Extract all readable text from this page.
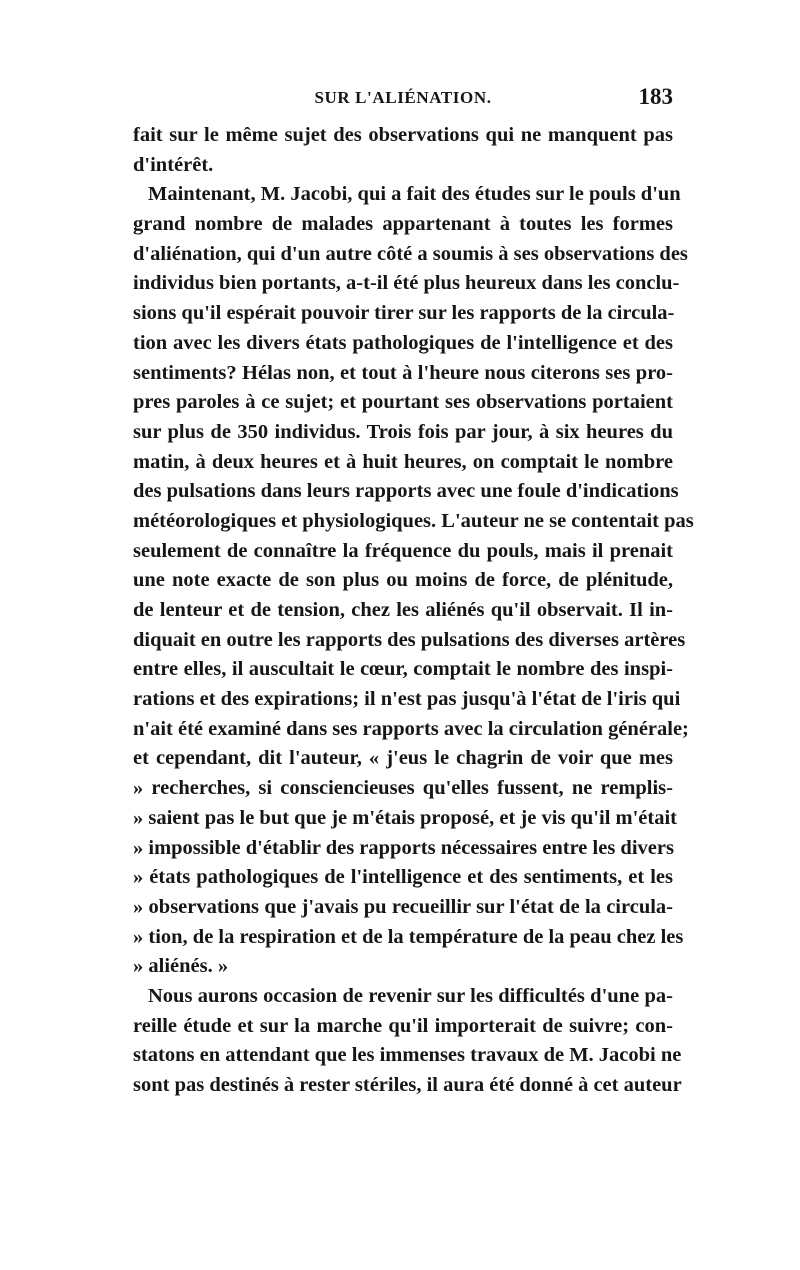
SUR L'ALIÉNATION.	183
fait sur le même sujet des observations qui ne manquent pas
d'intérêt.
Maintenant, M. Jacobi, qui a fait des études sur le pouls d'un
grand nombre de malades appartenant à toutes les formes
d'aliénation, qui d'un autre côté a soumis à ses observations des
individus bien portants, a-t-il été plus heureux dans les conclu-
sions qu'il espérait pouvoir tirer sur les rapports de la circula-
tion avec les divers états pathologiques de l'intelligence et des
sentiments? Hélas non, et tout à l'heure nous citerons ses pro-
pres paroles à ce sujet; et pourtant ses observations portaient
sur plus de 350 individus. Trois fois par jour, à six heures du
matin, à deux heures et à huit heures, on comptait le nombre
des pulsations dans leurs rapports avec une foule d'indications
météorologiques et physiologiques. L'auteur ne se contentait pas
seulement de connaître la fréquence du pouls, mais il prenait
une note exacte de son plus ou moins de force, de plénitude,
de lenteur et de tension, chez les aliénés qu'il observait. Il in-
diquait en outre les rapports des pulsations des diverses artères
entre elles, il auscultait le cœur, comptait le nombre des inspi-
rations et des expirations; il n'est pas jusqu'à l'état de l'iris qui
n'ait été examiné dans ses rapports avec la circulation générale;
et cependant, dit l'auteur, « j'eus le chagrin de voir que mes
» recherches, si consciencieuses qu'elles fussent, ne remplis-
» saient pas le but que je m'étais proposé, et je vis qu'il m'était
» impossible d'établir des rapports nécessaires entre les divers
» états pathologiques de l'intelligence et des sentiments, et les
» observations que j'avais pu recueillir sur l'état de la circula-
» tion, de la respiration et de la température de la peau chez les
» aliénés. »
Nous aurons occasion de revenir sur les difficultés d'une pa-
reille étude et sur la marche qu'il importerait de suivre; con-
statons en attendant que les immenses travaux de M. Jacobi ne
sont pas destinés à rester stériles, il aura été donné à cet auteur
